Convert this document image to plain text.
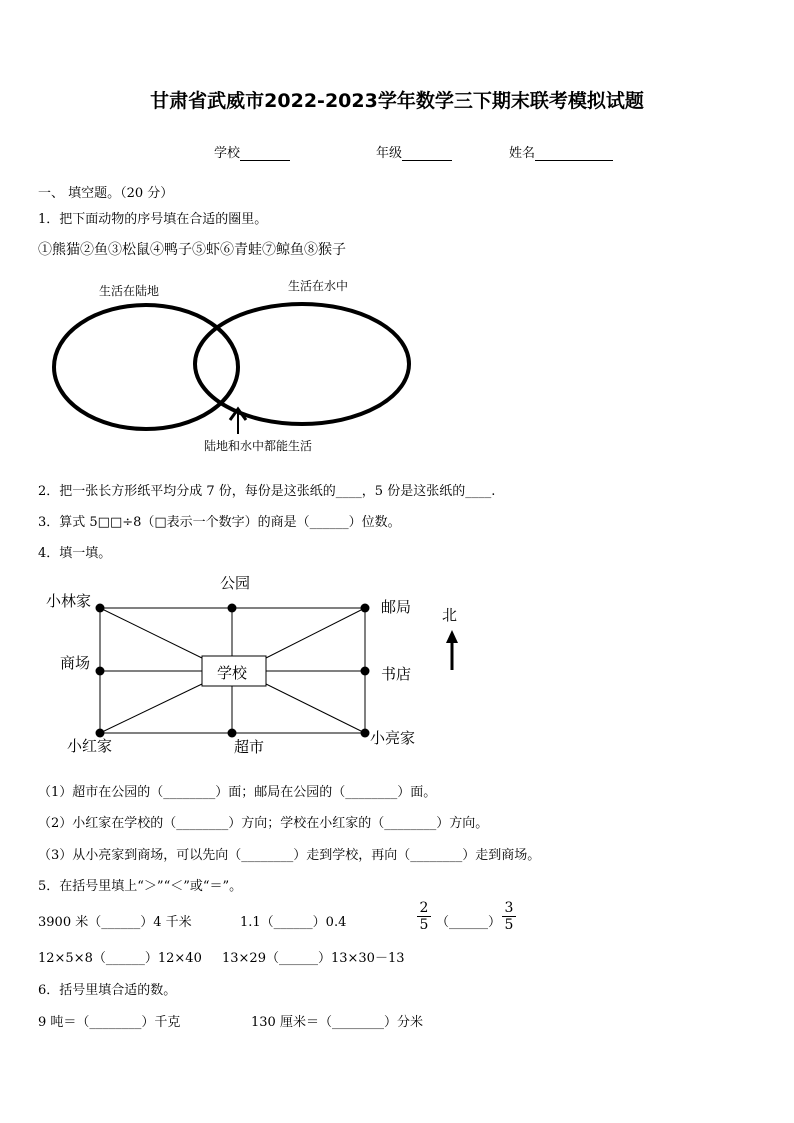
甘肃省武威市2022-2023学年数学三下期末联考模拟试题
学校	年级	姓名
一、 填空题。（20 分）
1．把下面动物的序号填在合适的圈里。
①熊猫②鱼③松鼠④鸭子⑤虾⑥青蛙⑦鲸鱼⑧猴子
生活在陆地	生活在水中
陆地和水中都能生活
2．把一张长方形纸平均分成 7 份，每份是这张纸的____，5 份是这张纸的____.
3．算式 5□□÷8（□表示一个数字）的商是（______）位数。
4．填一填。
公园
小林家	邮局 北
商场
学校	书店
小红家	超市	小亮家
（1）超市在公园的（________）面；邮局在公园的（________）面。
（2）小红家在学校的（________）方向；学校在小红家的（________）方向。
（3）从小亮家到商场，可以先向（________）走到学校，再向（________）走到商场。
5．在括号里填上“＞”“＜”或“＝”。
3900 米（______）4 千米	1.1（______）0.4	$\frac{2}{5}$ （______） $\frac{3}{5}$
12×5×8（______）12×40 13×29（______）13×30－13
6．括号里填合适的数。
9 吨＝（________）千克	130 厘米＝（________）分米
